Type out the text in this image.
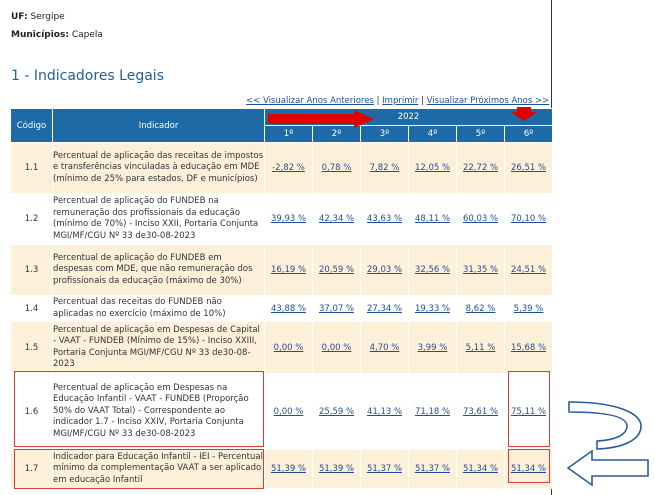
UF: Sergipe
Municípios: Capela
1 - Indicadores Legais
<< Visualizar Anos Anteriores | Imprimir | Visualizar Próximos Anos >>
Código	Indicador	2022					
		1º	2º	3º	4º	5º	6º
1.1	Percentual de aplicação das receitas de impostos e transferências vinculadas à educação em MDE (mínimo de 25% para estados, DF e municípios)	-2,82 %	0,78 %	7,82 %	12,05 %	22,72 %	26,51 %
1.2	Percentual de aplicação do FUNDEB na remuneração dos profissionais da educação (mínimo de 70%) - Inciso XXII, Portaria Conjunta MGI/MF/CGU Nº 33 de30-08-2023	39,93 %	42,34 %	43,63 %	48,11 %	60,03 %	70,10 %
1.3	Percentual de aplicação do FUNDEB em despesas com MDE, que não remuneração dos profissionais da educação (máximo de 30%)	16,19 %	20,59 %	29,03 %	32,56 %	31,35 %	24,51 %
1.4	Percentual das receitas do FUNDEB não aplicadas no exercício (máximo de 10%)	43,88 %	37,07 %	27,34 %	19,33 %	8,62 %	5,39 %
1.5	Percentual de aplicação em Despesas de Capital - VAAT - FUNDEB (Mínimo de 15%) - Inciso XXIII, Portaria Conjunta MGI/MF/CGU Nº 33 de30-08-2023	0,00 %	0,00 %	4,70 %	3,99 %	5,11 %	15,68 %
1.6	Percentual de aplicação em Despesas na Educação Infantil - VAAT - FUNDEB (Proporção 50% do VAAT Total) - Correspondente ao indicador 1.7 - Inciso XXIV, Portaria Conjunta MGI/MF/CGU Nº 33 de30-08-2023	0,00 %	25,59 %	41,13 %	71,18 %	73,61 %	75,11 %
1.7	Indicador para Educação Infantil - IEI - Percentual mínimo da complementação VAAT a ser aplicado em educação Infantil	51,39 %	51,39 %	51,37 %	51,37 %	51,34 %	51,34 %
